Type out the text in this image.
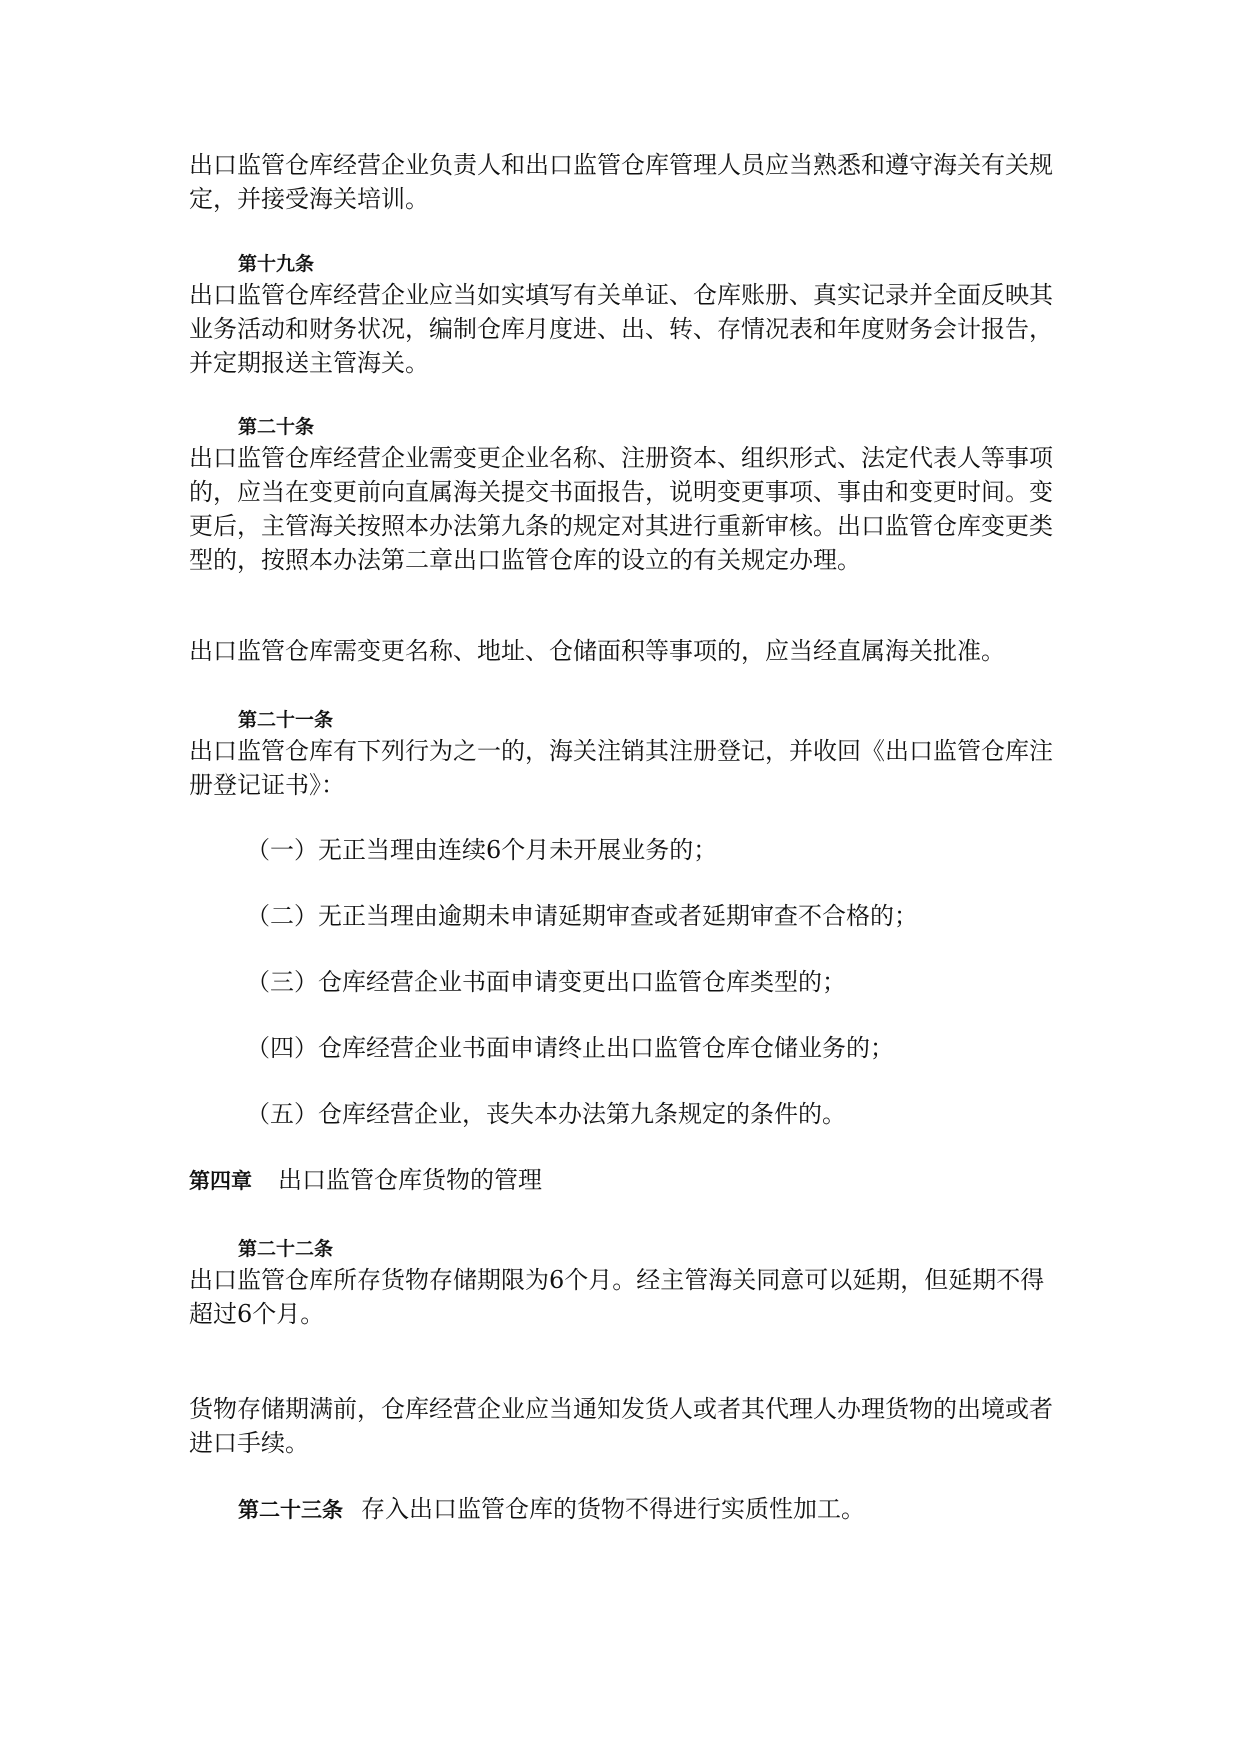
出口监管仓库经营企业负责人和出口监管仓库管理人员应当熟悉和遵守海关有关规定，并接受海关培训。

第十九条

出口监管仓库经营企业应当如实填写有关单证、仓库账册、真实记录并全面反映其业务活动和财务状况，编制仓库月度进、出、转、存情况表和年度财务会计报告，并定期报送主管海关。

第二十条

出口监管仓库经营企业需变更企业名称、注册资本、组织形式、法定代表人等事项的，应当在变更前向直属海关提交书面报告，说明变更事项、事由和变更时间。变更后，主管海关按照本办法第九条的规定对其进行重新审核。出口监管仓库变更类型的，按照本办法第二章出口监管仓库的设立的有关规定办理。

出口监管仓库需变更名称、地址、仓储面积等事项的，应当经直属海关批准。

第二十一条

出口监管仓库有下列行为之一的，海关注销其注册登记，并收回《出口监管仓库注册登记证书》：

（一）无正当理由连续6个月未开展业务的；

（二）无正当理由逾期未申请延期审查或者延期审查不合格的；

（三）仓库经营企业书面申请变更出口监管仓库类型的；

（四）仓库经营企业书面申请终止出口监管仓库仓储业务的；

（五）仓库经营企业，丧失本办法第九条规定的条件的。

第四章 出口监管仓库货物的管理

第二十二条

出口监管仓库所存货物存储期限为6个月。经主管海关同意可以延期，但延期不得超过6个月。

货物存储期满前，仓库经营企业应当通知发货人或者其代理人办理货物的出境或者进口手续。

第二十三条 存入出口监管仓库的货物不得进行实质性加工。
